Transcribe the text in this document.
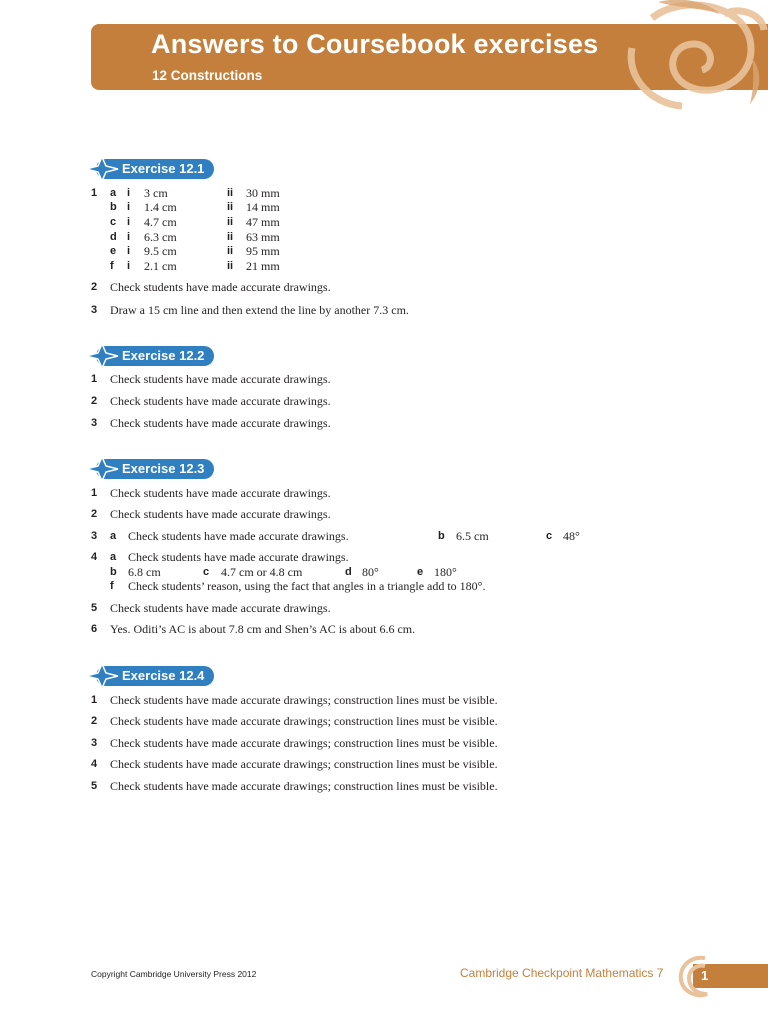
Answers to Coursebook exercises
12 Constructions
Exercise 12.1
1 a i 3 cm	ii 30 mm
b i 1.4 cm	ii 14 mm
c i 4.7 cm	ii 47 mm
d i 6.3 cm	ii 63 mm
e i 9.5 cm	ii 95 mm
f i 2.1 cm	ii 21 mm
2 Check students have made accurate drawings.
3 Draw a 15 cm line and then extend the line by another 7.3 cm.
Exercise 12.2
1 Check students have made accurate drawings.
2 Check students have made accurate drawings.
3 Check students have made accurate drawings.
Exercise 12.3
1 Check students have made accurate drawings.
2 Check students have made accurate drawings.
3 a Check students have made accurate drawings.	b 6.5 cm	c 48°
4 a Check students have made accurate drawings.
b 6.8 cm	c 4.7 cm or 4.8 cm	d 80°	e 180°
f Check students’ reason, using the fact that angles in a triangle add to 180°.
5 Check students have made accurate drawings.
6 Yes. Oditi’s AC is about 7.8 cm and Shen’s AC is about 6.6 cm.
Exercise 12.4
1 Check students have made accurate drawings; construction lines must be visible.
2 Check students have made accurate drawings; construction lines must be visible.
3 Check students have made accurate drawings; construction lines must be visible.
4 Check students have made accurate drawings; construction lines must be visible.
5 Check students have made accurate drawings; construction lines must be visible.
Copyright Cambridge University Press 2012	Cambridge Checkpoint Mathematics 7	1
